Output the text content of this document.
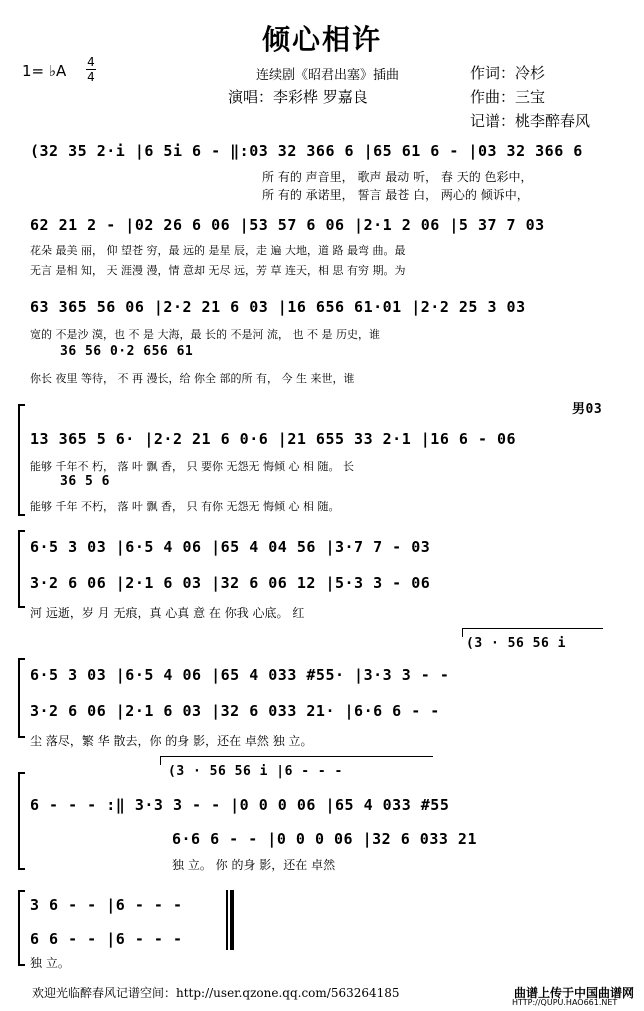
倾心相许
1= ♭A 4
4	连续剧《昭君出塞》插曲
演唱：李彩桦 罗嘉良
作词：冷杉
作曲：三宝
记谱：桃李醉春风
(32 35 2·i |6 5i 6 - ‖:03 32 366 6 |65 61 6 - |03 32 366 6
所 有的 声音里， 歌声 最动 听， 春 天的 色彩中，
所 有的 承诺里， 誓言 最苍 白， 两心的 倾诉中，
62 21 2 - |02 26 6 06 |53 57 6 06 |2·1 2 06 |5 37 7 03
花朵 最美 丽， 仰 望苍 穷，最 远的 是星 辰，走 遍 大地，道 路 最弯 曲。最
无言 是相 知， 天 涯漫 漫，情 意却 无尽 远，芳 草 连天，相 思 有穷 期。为
63 365 56 06 |2·2 21 6 03 |16 656 61·01 |2·2 25 3 03
宽的 不是沙 漠，也 不 是 大海，最 长的 不是河 流， 也 不 是 历史，谁
36 56 0·2 656 61
你长 夜里 等待， 不 再 漫长，给 你全 部的所 有， 今 生 来世，谁
男03
13 365 5 6· |2·2 21 6 0·6 |21 655 33 2·1 |16 6 - 06
能够 千年不 朽， 落 叶 飘 香， 只 要你 无怨无 悔倾 心 相 随。 长
36 5 6
能够 千年 不朽， 落 叶 飘 香， 只 有你 无怨无 悔倾 心 相 随。
6·5 3 03 |6·5 4 06 |65 4 04 56 |3·7 7 - 03
3·2 6 06 |2·1 6 03 |32 6 06 12 |5·3 3 - 06
河 远逝，岁 月 无痕，真 心真 意 在 你我 心底。 红
(3 · 56 56 i
6·5 3 03 |6·5 4 06 |65 4 033 #55· |3·3 3 - -
3·2 6 06 |2·1 6 03 |32 6 033 21· |6·6 6 - -
尘 落尽，繁 华 散去，你 的身 影，还在 卓然 独 立。
(3 · 56 56 i |6 - - -
6 - - - :‖ 3·3 3 - - |0 0 0 06 |65 4 033 #55
6·6 6 - - |0 0 0 06 |32 6 033 21
独 立。 你 的身 影，还在 卓然
3 6 - - |6 - - -
6 6 - - |6 - - -
独 立。
欢迎光临醉春风记谱空间：http://user.qzone.qq.com/563264185	曲谱上传于中国曲谱网
HTTP://QUPU.HAO661.NET
